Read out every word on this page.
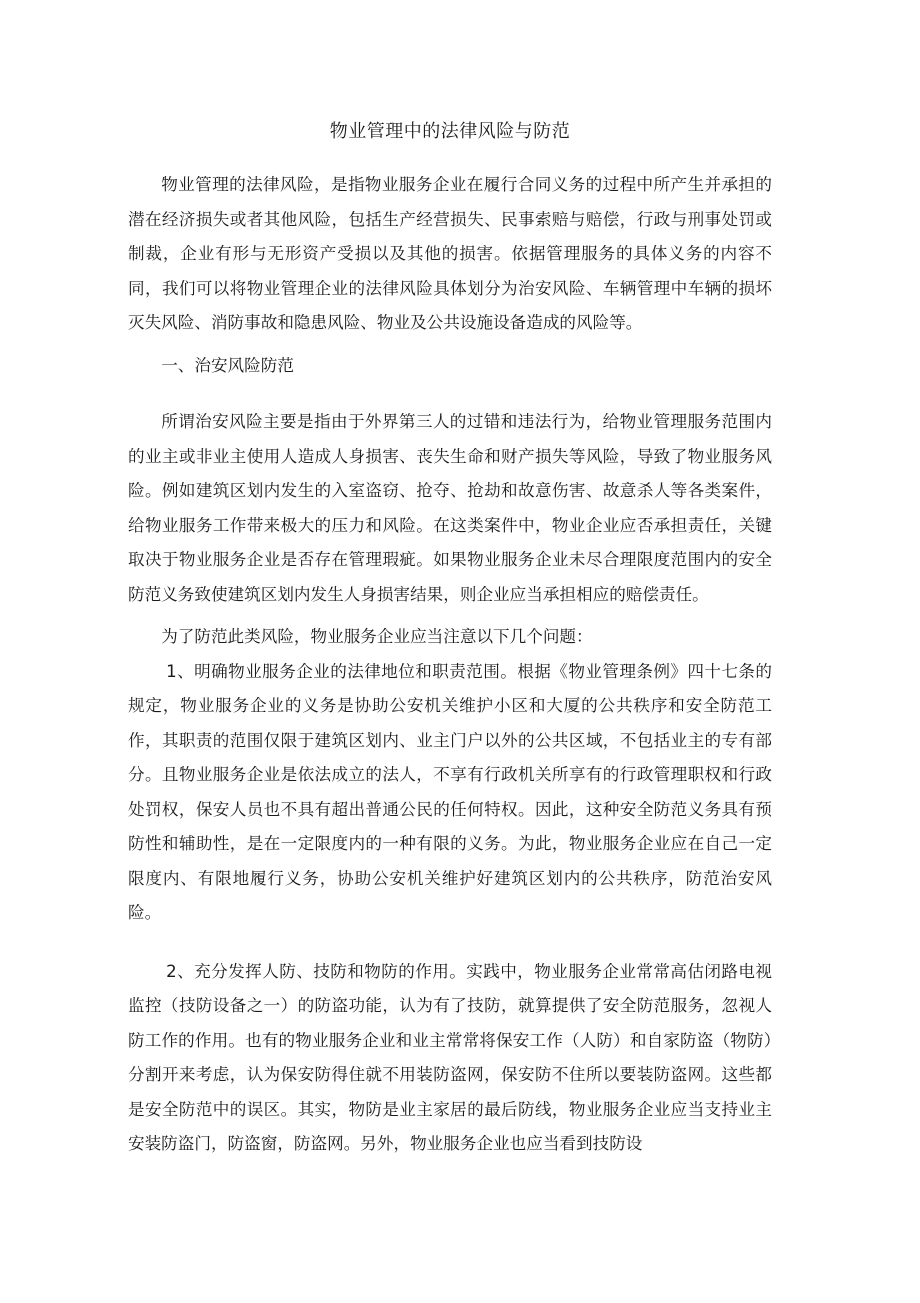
物业管理中的法律风险与防范

物业管理的法律风险，是指物业服务企业在履行合同义务的过程中所产生并承担的潜在经济损失或者其他风险，包括生产经营损失、民事索赔与赔偿，行政与刑事处罚或制裁，企业有形与无形资产受损以及其他的损害。依据管理服务的具体义务的内容不同，我们可以将物业管理企业的法律风险具体划分为治安风险、车辆管理中车辆的损坏灭失风险、消防事故和隐患风险、物业及公共设施设备造成的风险等。

一、治安风险防范

所谓治安风险主要是指由于外界第三人的过错和违法行为，给物业管理服务范围内的业主或非业主使用人造成人身损害、丧失生命和财产损失等风险，导致了物业服务风险。例如建筑区划内发生的入室盗窃、抢夺、抢劫和故意伤害、故意杀人等各类案件，给物业服务工作带来极大的压力和风险。在这类案件中，物业企业应否承担责任，关键取决于物业服务企业是否存在管理瑕疵。如果物业服务企业未尽合理限度范围内的安全防范义务致使建筑区划内发生人身损害结果，则企业应当承担相应的赔偿责任。

为了防范此类风险，物业服务企业应当注意以下几个问题：

1、明确物业服务企业的法律地位和职责范围。根据《物业管理条例》四十七条的规定，物业服务企业的义务是协助公安机关维护小区和大厦的公共秩序和安全防范工作，其职责的范围仅限于建筑区划内、业主门户以外的公共区域，不包括业主的专有部分。且物业服务企业是依法成立的法人，不享有行政机关所享有的行政管理职权和行政处罚权，保安人员也不具有超出普通公民的任何特权。因此，这种安全防范义务具有预防性和辅助性，是在一定限度内的一种有限的义务。为此，物业服务企业应在自己一定限度内、有限地履行义务，协助公安机关维护好建筑区划内的公共秩序，防范治安风险。

2、充分发挥人防、技防和物防的作用。实践中，物业服务企业常常高估闭路电视监控（技防设备之一）的防盗功能，认为有了技防，就算提供了安全防范服务，忽视人防工作的作用。也有的物业服务企业和业主常常将保安工作（人防）和自家防盗（物防）分割开来考虑，认为保安防得住就不用装防盗网，保安防不住所以要装防盗网。这些都是安全防范中的误区。其实，物防是业主家居的最后防线，物业服务企业应当支持业主安装防盗门，防盗窗，防盗网。另外，物业服务企业也应当看到技防设
